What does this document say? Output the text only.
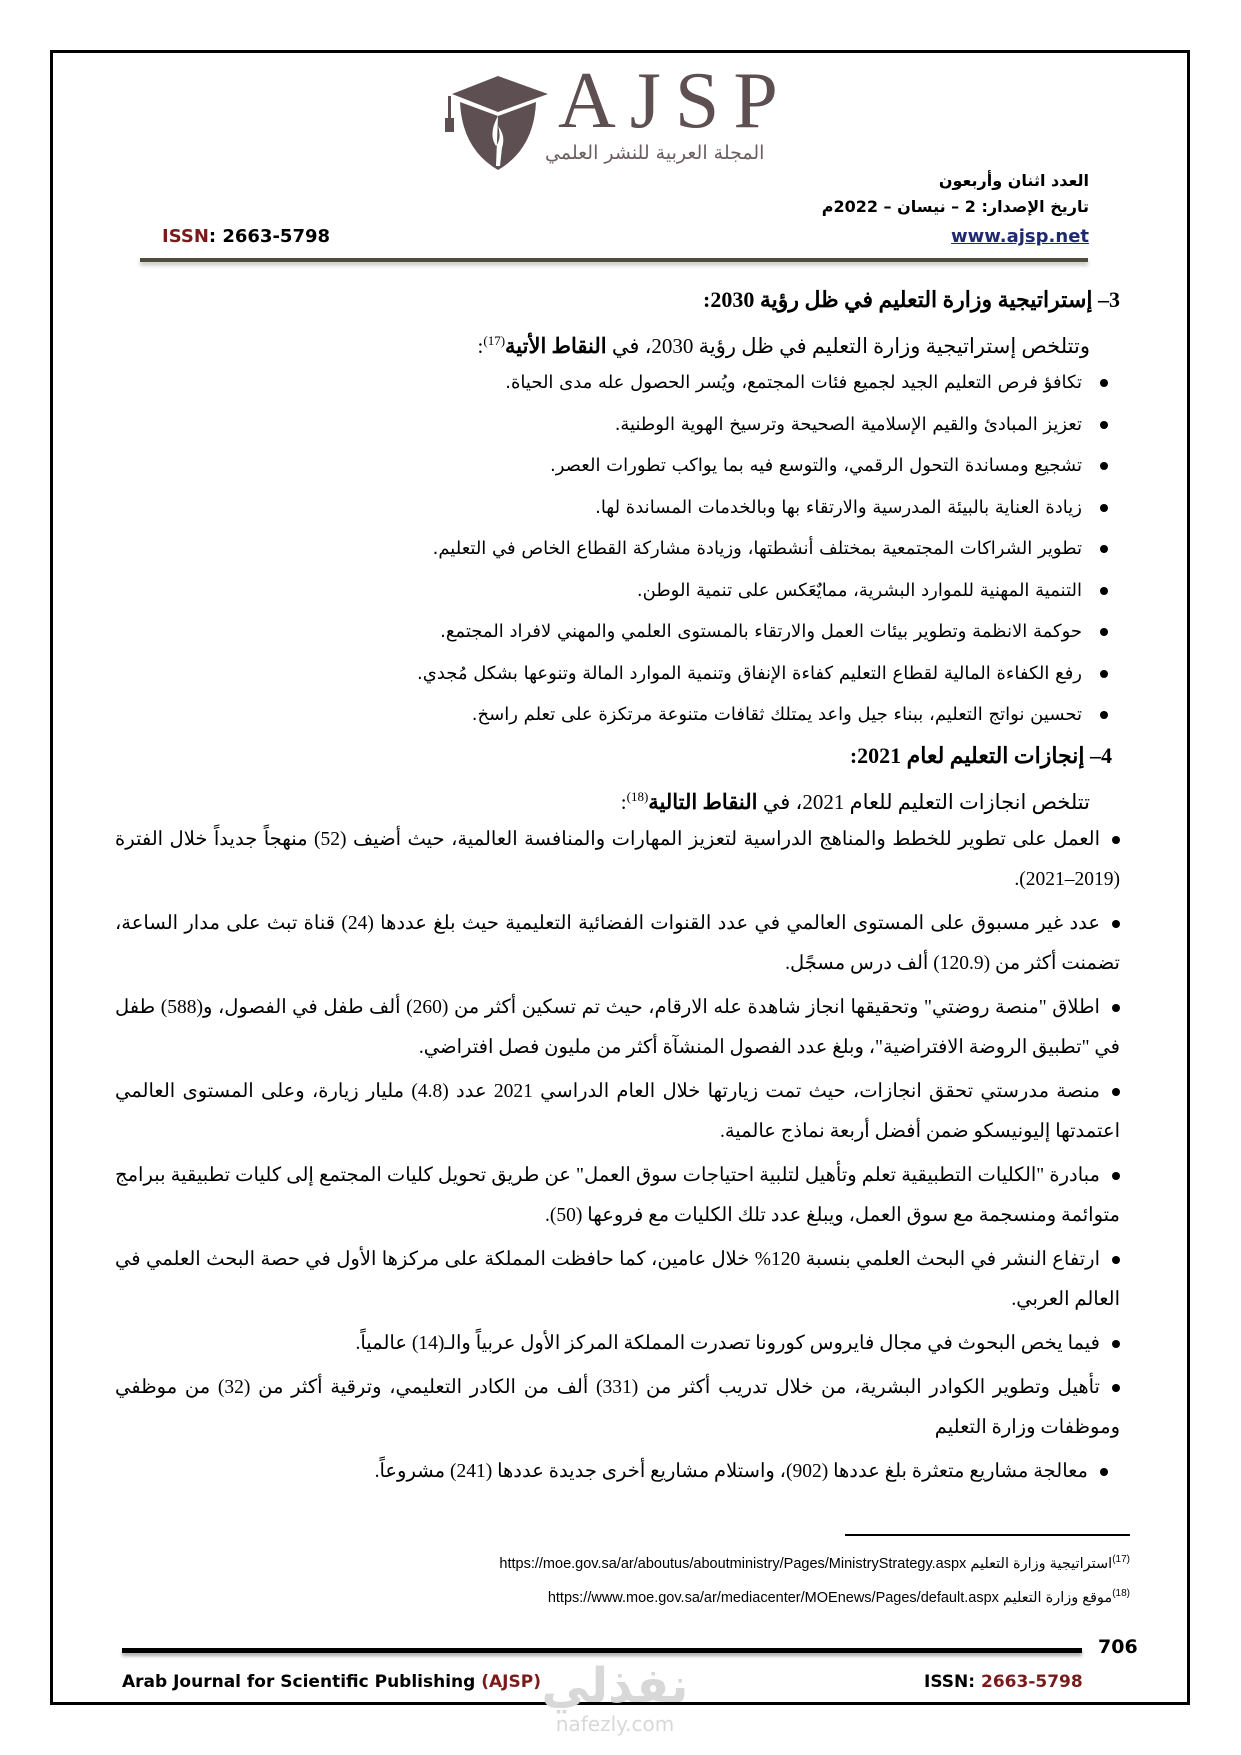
AJSP
المجلة العربية للنشر العلمي
العدد اثنان وأربعون
تاريخ الإصدار: 2 – نيسان – 2022م
www.ajsp.net
ISSN: 2663-5798
3– إستراتيجية وزارة التعليم في ظل رؤية 2030:
وتتلخص إستراتيجية وزارة التعليم في ظل رؤية 2030، في النقاط الأتية$^{(17)}$:
تكافؤ فرص التعليم الجيد لجميع فئات المجتمع، ويُسر الحصول عله مدى الحياة.
تعزيز المبادئ والقيم الإسلامية الصحيحة وترسيخ الهوية الوطنية.
تشجيع ومساندة التحول الرقمي، والتوسع فيه بما يواكب تطورات العصر.
زيادة العناية بالبيئة المدرسية والارتقاء بها وبالخدمات المساندة لها.
تطوير الشراكات المجتمعية بمختلف أنشطتها، وزيادة مشاركة القطاع الخاص في التعليم.
التنمية المهنية للموارد البشرية، ممايٌعَكس على تنمية الوطن.
حوكمة الانظمة وتطوير بيئات العمل والارتقاء بالمستوى العلمي والمهني لافراد المجتمع.
رفع الكفاءة المالية لقطاع التعليم كفاءة الإنفاق وتنمية الموارد المالة وتنوعها بشكل مُجدي.
تحسين نواتج التعليم، ببناء جيل واعد يمتلك ثقافات متنوعة مرتكزة على تعلم راسخ.
4– إنجازات التعليم لعام 2021:
تتلخص انجازات التعليم للعام 2021، في النقاط التالية$^{(18)}$:
العمل على تطوير للخطط والمناهج الدراسية لتعزيز المهارات والمنافسة العالمية، حيث أضيف (52) منهجاً جديداً خلال الفترة (2019–2021).
عدد غير مسبوق على المستوى العالمي في عدد القنوات الفضائية التعليمية حيث بلغ عددها (24) قناة تبث على مدار الساعة، تضمنت أكثر من (120.9) ألف درس مسجًل.
اطلاق "منصة روضتي" وتحقيقها انجاز شاهدة عله الارقام، حيث تم تسكين أكثر من (260) ألف طفل في الفصول، و(588) طفل في "تطبيق الروضة الافتراضية"، وبلغ عدد الفصول المنشآة أكثر من مليون فصل افتراضي.
منصة مدرستي تحقق انجازات، حيث تمت زيارتها خلال العام الدراسي 2021 عدد (4.8) مليار زيارة، وعلى المستوى العالمي اعتمدتها إليونيسكو ضمن أفضل أربعة نماذج عالمية.
مبادرة "الكليات التطبيقية تعلم وتأهيل لتلبية احتياجات سوق العمل" عن طريق تحويل كليات المجتمع إلى كليات تطبيقية ببرامج متوائمة ومنسجمة مع سوق العمل، ويبلغ عدد تلك الكليات مع فروعها (50).
ارتفاع النشر في البحث العلمي بنسبة 120% خلال عامين، كما حافظت المملكة على مركزها الأول في حصة البحث العلمي في العالم العربي.
فيما يخص البحوث في مجال فايروس كورونا تصدرت المملكة المركز الأول عربياً والـ(14) عالمياً.
تأهيل وتطوير الكوادر البشرية، من خلال تدريب أكثر من (331) ألف من الكادر التعليمي، وترقية أكثر من (32) من موظفي وموظفات وزارة التعليم
معالجة مشاريع متعثرة بلغ عددها (902)، واستلام مشاريع أخرى جديدة عددها (241) مشروعاً.
$^{(17)}$استراتيجية وزارة التعليم https://moe.gov.sa/ar/aboutus/aboutministry/Pages/MinistryStrategy.aspx
$^{(18)}$موقع وزارة التعليم https://www.moe.gov.sa/ar/mediacenter/MOEnews/Pages/default.aspx
706
Arab Journal for Scientific Publishing (AJSP)	ISSN: 2663-5798
نفذلي
nafezly.com
